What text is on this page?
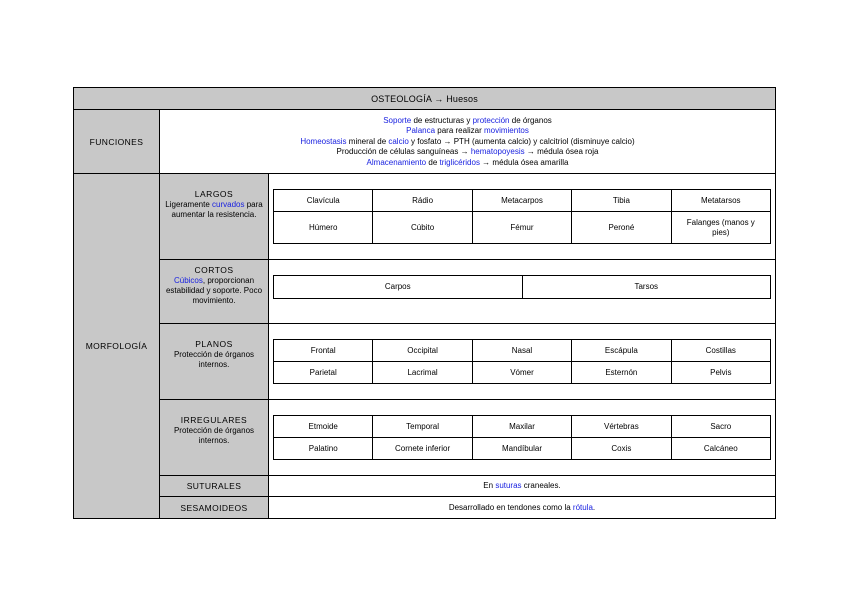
OSTEOLOGÍA → Huesos
FUNCIONES
Soporte de estructuras y protección de órganos
Palanca para realizar movimientos
Homeostasis mineral de calcio y fosfato → PTH (aumenta calcio) y calcitriol (disminuye calcio)
Producción de células sanguíneas → hematopoyesis → médula ósea roja
Almacenamiento de triglicéridos → médula ósea amarilla
MORFOLOGÍA
LARGOS
Ligeramente curvados para aumentar la resistencia.
Clavícula	Rádio	Metacarpos	Tibia	Metatarsos
Húmero	Cúbito	Fémur	Peroné	Falanges (manos y pies)
CORTOS
Cúbicos, proporcionan estabilidad y soporte. Poco movimiento.
Carpos	Tarsos
PLANOS
Protección de órganos internos.
Frontal	Occipital	Nasal	Escápula	Costillas
Parietal	Lacrimal	Vómer	Esternón	Pelvis
IRREGULARES
Protección de órganos internos.
Etmoide	Temporal	Maxilar	Vértebras	Sacro
Palatino	Cornete inferior	Mandíbular	Coxis	Calcáneo
SUTURALES	En suturas craneales.
SESAMOIDEOS	Desarrollado en tendones como la rótula.
